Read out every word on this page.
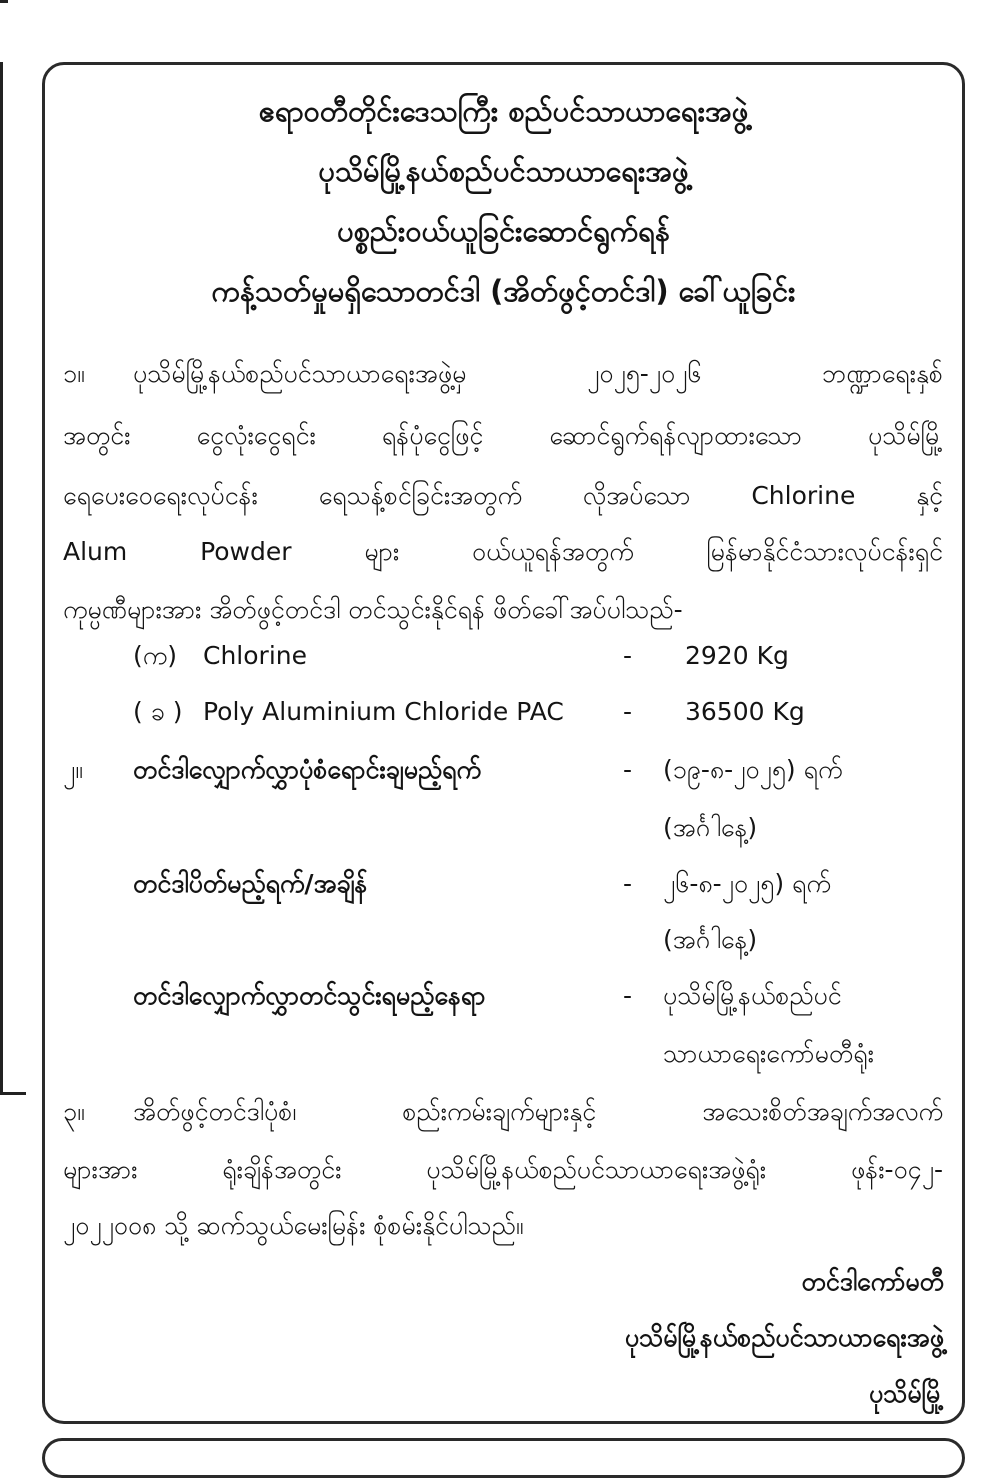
ဧရာဝတီတိုင်းဒေသကြီး စည်ပင်သာယာရေးအဖွဲ့
ပုသိမ်မြို့နယ်စည်ပင်သာယာရေးအဖွဲ့
ပစ္စည်းဝယ်ယူခြင်းဆောင်ရွက်ရန်
ကန့်သတ်မှုမရှိသောတင်ဒါ (အိတ်ဖွင့်တင်ဒါ) ခေါ်ယူခြင်း
၁။ ပုသိမ်မြို့နယ်စည်ပင်သာယာရေးအဖွဲ့မှ ၂၀၂၅-၂၀၂၆ ဘဏ္ဍာရေးနှစ်
အတွင်း ငွေလုံးငွေရင်း ရန်ပုံငွေဖြင့် ဆောင်ရွက်ရန်လျာထားသော ပုသိမ်မြို့
ရေပေးဝေရေးလုပ်ငန်း ရေသန့်စင်ခြင်းအတွက် လိုအပ်သော Chlorine နှင့်
Alum Powder များ ဝယ်ယူရန်အတွက် မြန်မာနိုင်ငံသားလုပ်ငန်းရှင်
ကုမ္ပဏီများအား အိတ်ဖွင့်တင်ဒါ တင်သွင်းနိုင်ရန် ဖိတ်ခေါ်အပ်ပါသည်-
(က) Chlorine	- 2920 Kg
( ခ ) Poly Aluminium Chloride PAC - 36500 Kg
၂။ တင်ဒါလျှောက်လွှာပုံစံရောင်းချမည့်ရက်	- (၁၉-၈-၂၀၂၅) ရက်
(အင်္ဂါနေ့)
တင်ဒါပိတ်မည့်ရက်/အချိန်	- ၂၆-၈-၂၀၂၅) ရက်
(အင်္ဂါနေ့)
တင်ဒါလျှောက်လွှာတင်သွင်းရမည့်နေရာ	- ပုသိမ်မြို့နယ်စည်ပင်
သာယာရေးကော်မတီရုံး
၃။ အိတ်ဖွင့်တင်ဒါပုံစံ၊ စည်းကမ်းချက်များနှင့် အသေးစိတ်အချက်အလက်
များအား ရုံးချိန်အတွင်း ပုသိမ်မြို့နယ်စည်ပင်သာယာရေးအဖွဲ့ရုံး ဖုန်း-၀၄၂-
၂၀၂၂၀၀၈ သို့ ဆက်သွယ်မေးမြန်း စုံစမ်းနိုင်ပါသည်။
တင်ဒါကော်မတီ
ပုသိမ်မြို့နယ်စည်ပင်သာယာရေးအဖွဲ့
ပုသိမ်မြို့
